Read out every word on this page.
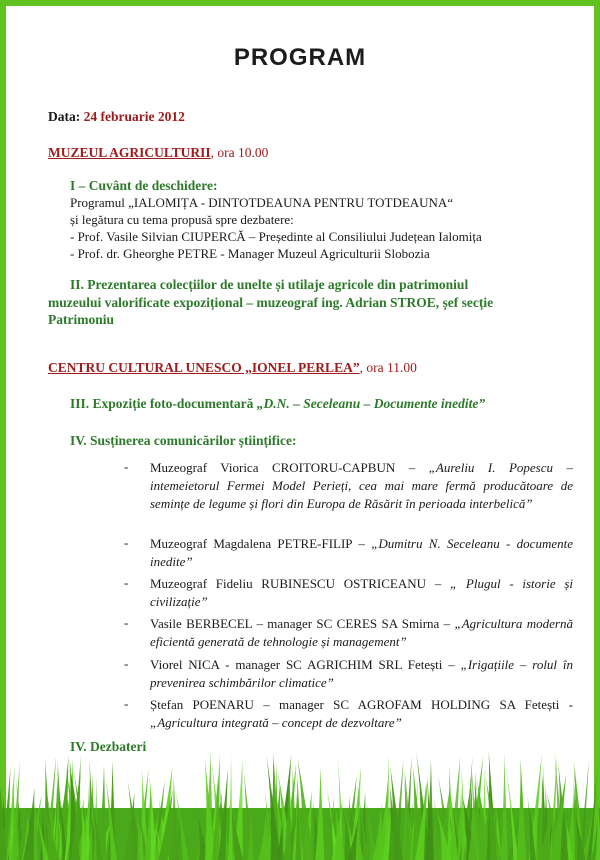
PROGRAM
Data: 24 februarie 2012
MUZEUL AGRICULTURII, ora 10.00
I – Cuvânt de deschidere:
Programul „IALOMIȚA - DINTOTDEAUNA PENTRU TOTDEAUNA“
și legătura cu tema propusă spre dezbatere:
- Prof. Vasile Silvian CIUPERCĂ – Președinte al Consiliului Județean Ialomița
- Prof. dr. Gheorghe PETRE - Manager Muzeul Agriculturii Slobozia
II. Prezentarea colecțiilor de unelte și utilaje agricole din patrimoniul
muzeului valorificate expozițional – muzeograf ing. Adrian STROE, șef secție
Patrimoniu
CENTRU CULTURAL UNESCO „IONEL PERLEA”, ora 11.00
III. Expoziție foto-documentară „D.N. – Seceleanu – Documente inedite”
IV. Susținerea comunicărilor științifice:
- Muzeograf Viorica CROITORU-CAPBUN – „Aureliu I. Popescu – intemeietorul Fermei Model Perieți, cea mai mare fermă producătoare de semințe de legume și flori din Europa de Răsărit în perioada interbelică”
- Muzeograf Magdalena PETRE-FILIP – „Dumitru N. Seceleanu - documente inedite”
- Muzeograf Fideliu RUBINESCU OSTRICEANU – „ Plugul - istorie și civilizație”
- Vasile BERBECEL – manager SC CERES SA Smirna – „Agricultura modernă eficientă generată de tehnologie și management”
- Viorel NICA - manager SC AGRICHIM SRL Fetești – „Irigațiile – rolul în prevenirea schimbărilor climatice”
- Ștefan POENARU – manager SC AGROFAM HOLDING SA Fetești - „Agricultura integrată – concept de dezvoltare”
IV. Dezbateri
